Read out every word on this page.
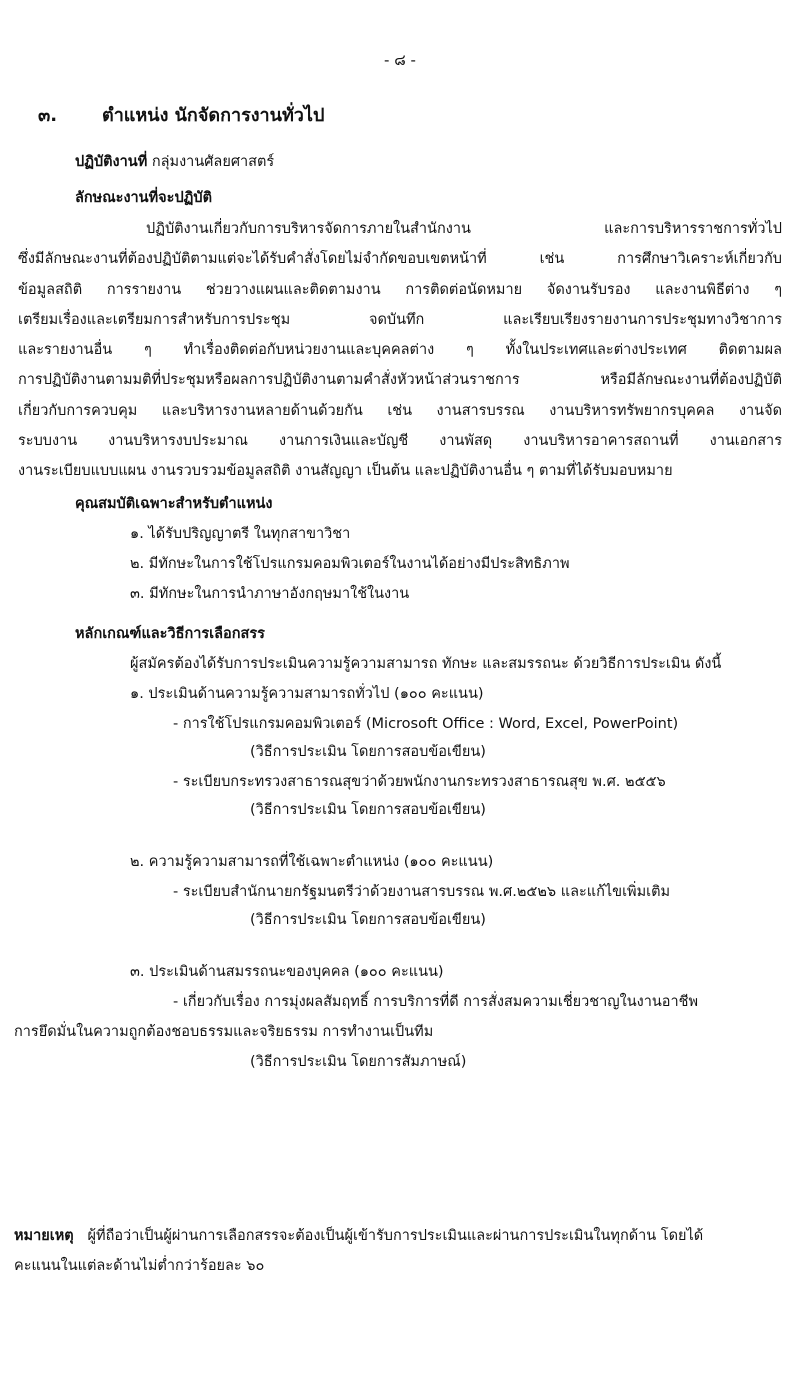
- ๘ -
๓. ตำแหน่ง นักจัดการงานทั่วไป
ปฏิบัติงานที่ กลุ่มงานศัลยศาสตร์
ลักษณะงานที่จะปฏิบัติ
ปฏิบัติงานเกี่ยวกับการบริหารจัดการภายในสำนักงาน และการบริหารราชการทั่วไป
ซึ่งมีลักษณะงานที่ต้องปฏิบัติตามแต่จะได้รับคำสั่งโดยไม่จำกัดขอบเขตหน้าที่ เช่น การศึกษาวิเคราะห์เกี่ยวกับ
ข้อมูลสถิติ การรายงาน ช่วยวางแผนและติดตามงาน การติดต่อนัดหมาย จัดงานรับรอง และงานพิธีต่าง ๆ
เตรียมเรื่องและเตรียมการสำหรับการประชุม จดบันทึก และเรียบเรียงรายงานการประชุมทางวิชาการ
และรายงานอื่น ๆ ทำเรื่องติดต่อกับหน่วยงานและบุคคลต่าง ๆ ทั้งในประเทศและต่างประเทศ ติดตามผล
การปฏิบัติงานตามมติที่ประชุมหรือผลการปฏิบัติงานตามคำสั่งหัวหน้าส่วนราชการ หรือมีลักษณะงานที่ต้องปฏิบัติ
เกี่ยวกับการควบคุม และบริหารงานหลายด้านด้วยกัน เช่น งานสารบรรณ งานบริหารทรัพยากรบุคคล งานจัด
ระบบงาน งานบริหารงบประมาณ งานการเงินและบัญชี งานพัสดุ งานบริหารอาคารสถานที่ งานเอกสาร
งานระเบียบแบบแผน งานรวบรวมข้อมูลสถิติ งานสัญญา เป็นต้น และปฏิบัติงานอื่น ๆ ตามที่ได้รับมอบหมาย
คุณสมบัติเฉพาะสำหรับตำแหน่ง
๑. ได้รับปริญญาตรี ในทุกสาขาวิชา
๒. มีทักษะในการใช้โปรแกรมคอมพิวเตอร์ในงานได้อย่างมีประสิทธิภาพ
๓. มีทักษะในการนำภาษาอังกฤษมาใช้ในงาน
หลักเกณฑ์และวิธีการเลือกสรร
ผู้สมัครต้องได้รับการประเมินความรู้ความสามารถ ทักษะ และสมรรถนะ ด้วยวิธีการประเมิน ดังนี้
๑. ประเมินด้านความรู้ความสามารถทั่วไป (๑๐๐ คะแนน)
- การใช้โปรแกรมคอมพิวเตอร์ (Microsoft Office : Word, Excel, PowerPoint)
(วิธีการประเมิน โดยการสอบข้อเขียน)
- ระเบียบกระทรวงสาธารณสุขว่าด้วยพนักงานกระทรวงสาธารณสุข พ.ศ. ๒๕๕๖
(วิธีการประเมิน โดยการสอบข้อเขียน)
๒. ความรู้ความสามารถที่ใช้เฉพาะตำแหน่ง (๑๐๐ คะแนน)
- ระเบียบสำนักนายกรัฐมนตรีว่าด้วยงานสารบรรณ พ.ศ.๒๕๒๖ และแก้ไขเพิ่มเติม
(วิธีการประเมิน โดยการสอบข้อเขียน)
๓. ประเมินด้านสมรรถนะของบุคคล (๑๐๐ คะแนน)
- เกี่ยวกับเรื่อง การมุ่งผลสัมฤทธิ์ การบริการที่ดี การสั่งสมความเชี่ยวชาญในงานอาชีพ
การยึดมั่นในความถูกต้องชอบธรรมและจริยธรรม การทำงานเป็นทีม
(วิธีการประเมิน โดยการสัมภาษณ์)
หมายเหตุ ผู้ที่ถือว่าเป็นผู้ผ่านการเลือกสรรจะต้องเป็นผู้เข้ารับการประเมินและผ่านการประเมินในทุกด้าน โดยได้
คะแนนในแต่ละด้านไม่ต่ำกว่าร้อยละ ๖๐
